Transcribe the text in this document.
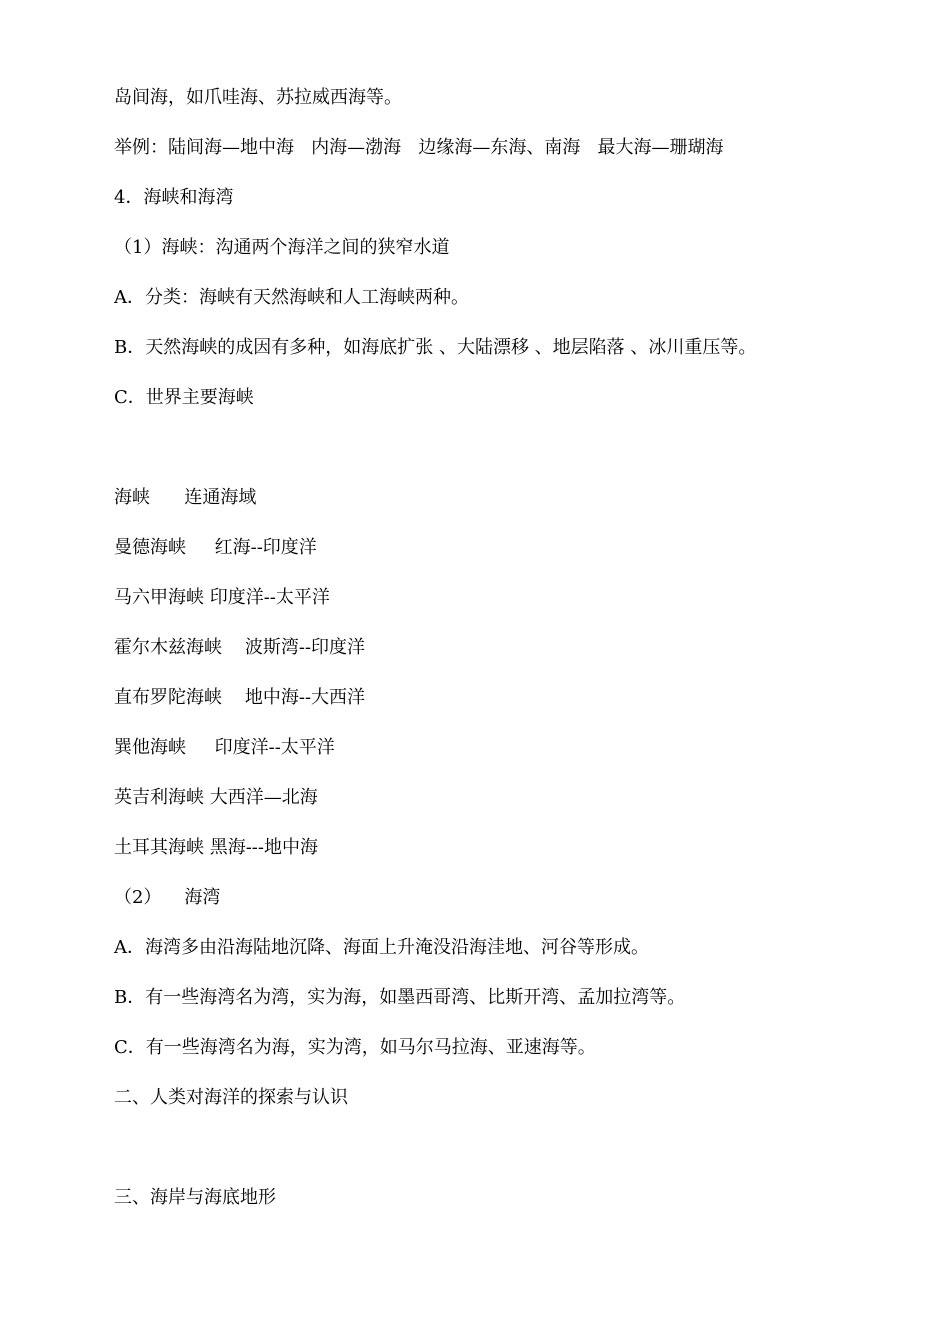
岛间海，如爪哇海、苏拉威西海等。
举例：陆间海—地中海   内海—渤海   边缘海—东海、南海   最大海—珊瑚海
4．海峡和海湾
（1）海峡：沟通两个海洋之间的狭窄水道
A．分类：海峡有天然海峡和人工海峡两种。
B．天然海峡的成因有多种，如海底扩张 、大陆漂移 、地层陷落 、冰川重压等。
C．世界主要海峡
海峡      连通海域
曼德海峡     红海--印度洋
马六甲海峡 印度洋--太平洋
霍尔木兹海峡    波斯湾--印度洋
直布罗陀海峡    地中海--大西洋
巽他海峡     印度洋--太平洋
英吉利海峡 大西洋—北海
土耳其海峡 黑海---地中海
（2）    海湾
A．海湾多由沿海陆地沉降、海面上升淹没沿海洼地、河谷等形成。
B．有一些海湾名为湾，实为海，如墨西哥湾、比斯开湾、孟加拉湾等。
C．有一些海湾名为海，实为湾，如马尔马拉海、亚速海等。
二、人类对海洋的探索与认识
三、海岸与海底地形
